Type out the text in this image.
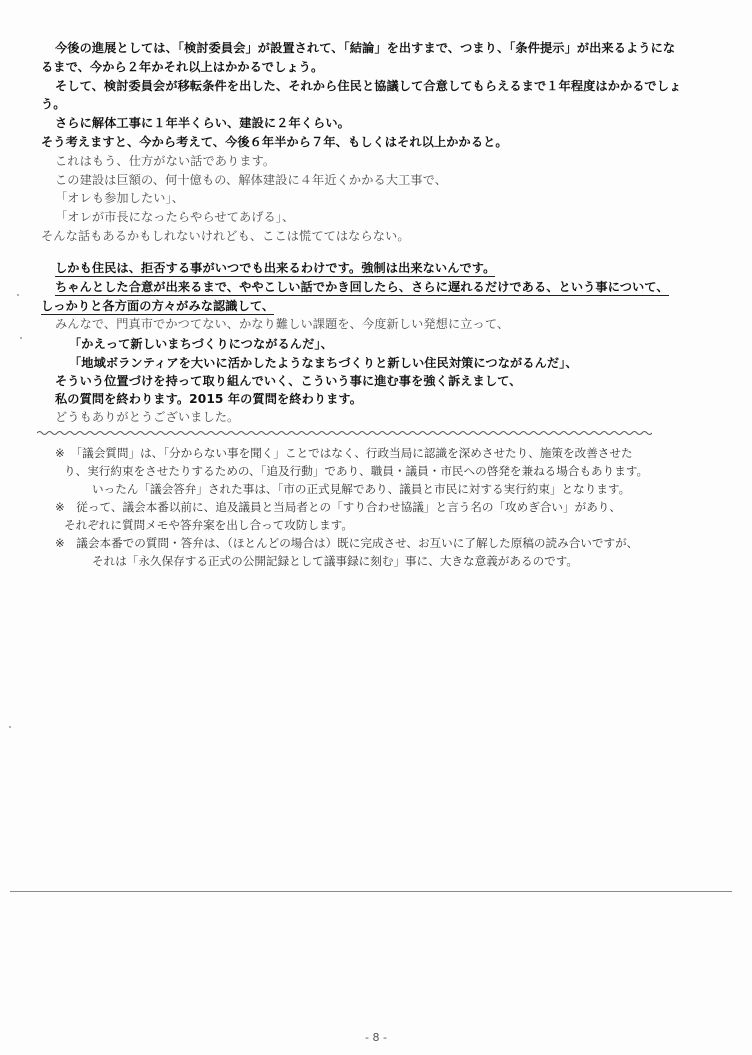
今後の進展としては、「検討委員会」が設置されて、「結論」を出すまで、つまり、「条件提示」が出来るようにな
るまで、今から２年かそれ以上はかかるでしょう。
そして、検討委員会が移転条件を出した、それから住民と協議して合意してもらえるまで１年程度はかかるでしょ
う。
さらに解体工事に１年半くらい、建設に２年くらい。
そう考えますと、今から考えて、今後６年半から７年、もしくはそれ以上かかると。
これはもう、仕方がない話であります。
この建設は巨額の、何十億もの、解体建設に４年近くかかる大工事で、
「オレも参加したい」、
「オレが市長になったらやらせてあげる」、
そんな話もあるかもしれないけれども、ここは慌ててはならない。
しかも住民は、拒否する事がいつでも出来るわけです。強制は出来ないんです。
ちゃんとした合意が出来るまで、ややこしい話でかき回したら、さらに遅れるだけである、という事について、
しっかりと各方面の方々がみな認識して、
みんなで、門真市でかつてない、かなり難しい課題を、今度新しい発想に立って、
「かえって新しいまちづくりにつながるんだ」、
「地域ボランティアを大いに活かしたようなまちづくりと新しい住民対策につながるんだ」、
そういう位置づけを持って取り組んでいく、こういう事に進む事を強く訴えまして、
私の質問を終わります。2015 年の質問を終わります。
どうもありがとうございました。
※　「議会質問」は、「分からない事を聞く」ことではなく、行政当局に認識を深めさせたり、施策を改善させた
り、実行約束をさせたりするための、「追及行動」であり、職員・議員・市民への啓発を兼ねる場合もあります。
いったん「議会答弁」された事は、「市の正式見解であり、議員と市民に対する実行約束」となります。
※　従って、議会本番以前に、追及議員と当局者との「すり合わせ協議」と言う名の「攻めぎ合い」があり、
それぞれに質問メモや答弁案を出し合って攻防します。
※　議会本番での質問・答弁は、（ほとんどの場合は）既に完成させ、お互いに了解した原稿の読み合いですが、
それは「永久保存する正式の公開記録として議事録に刻む」事に、大きな意義があるのです。
- 8 -
